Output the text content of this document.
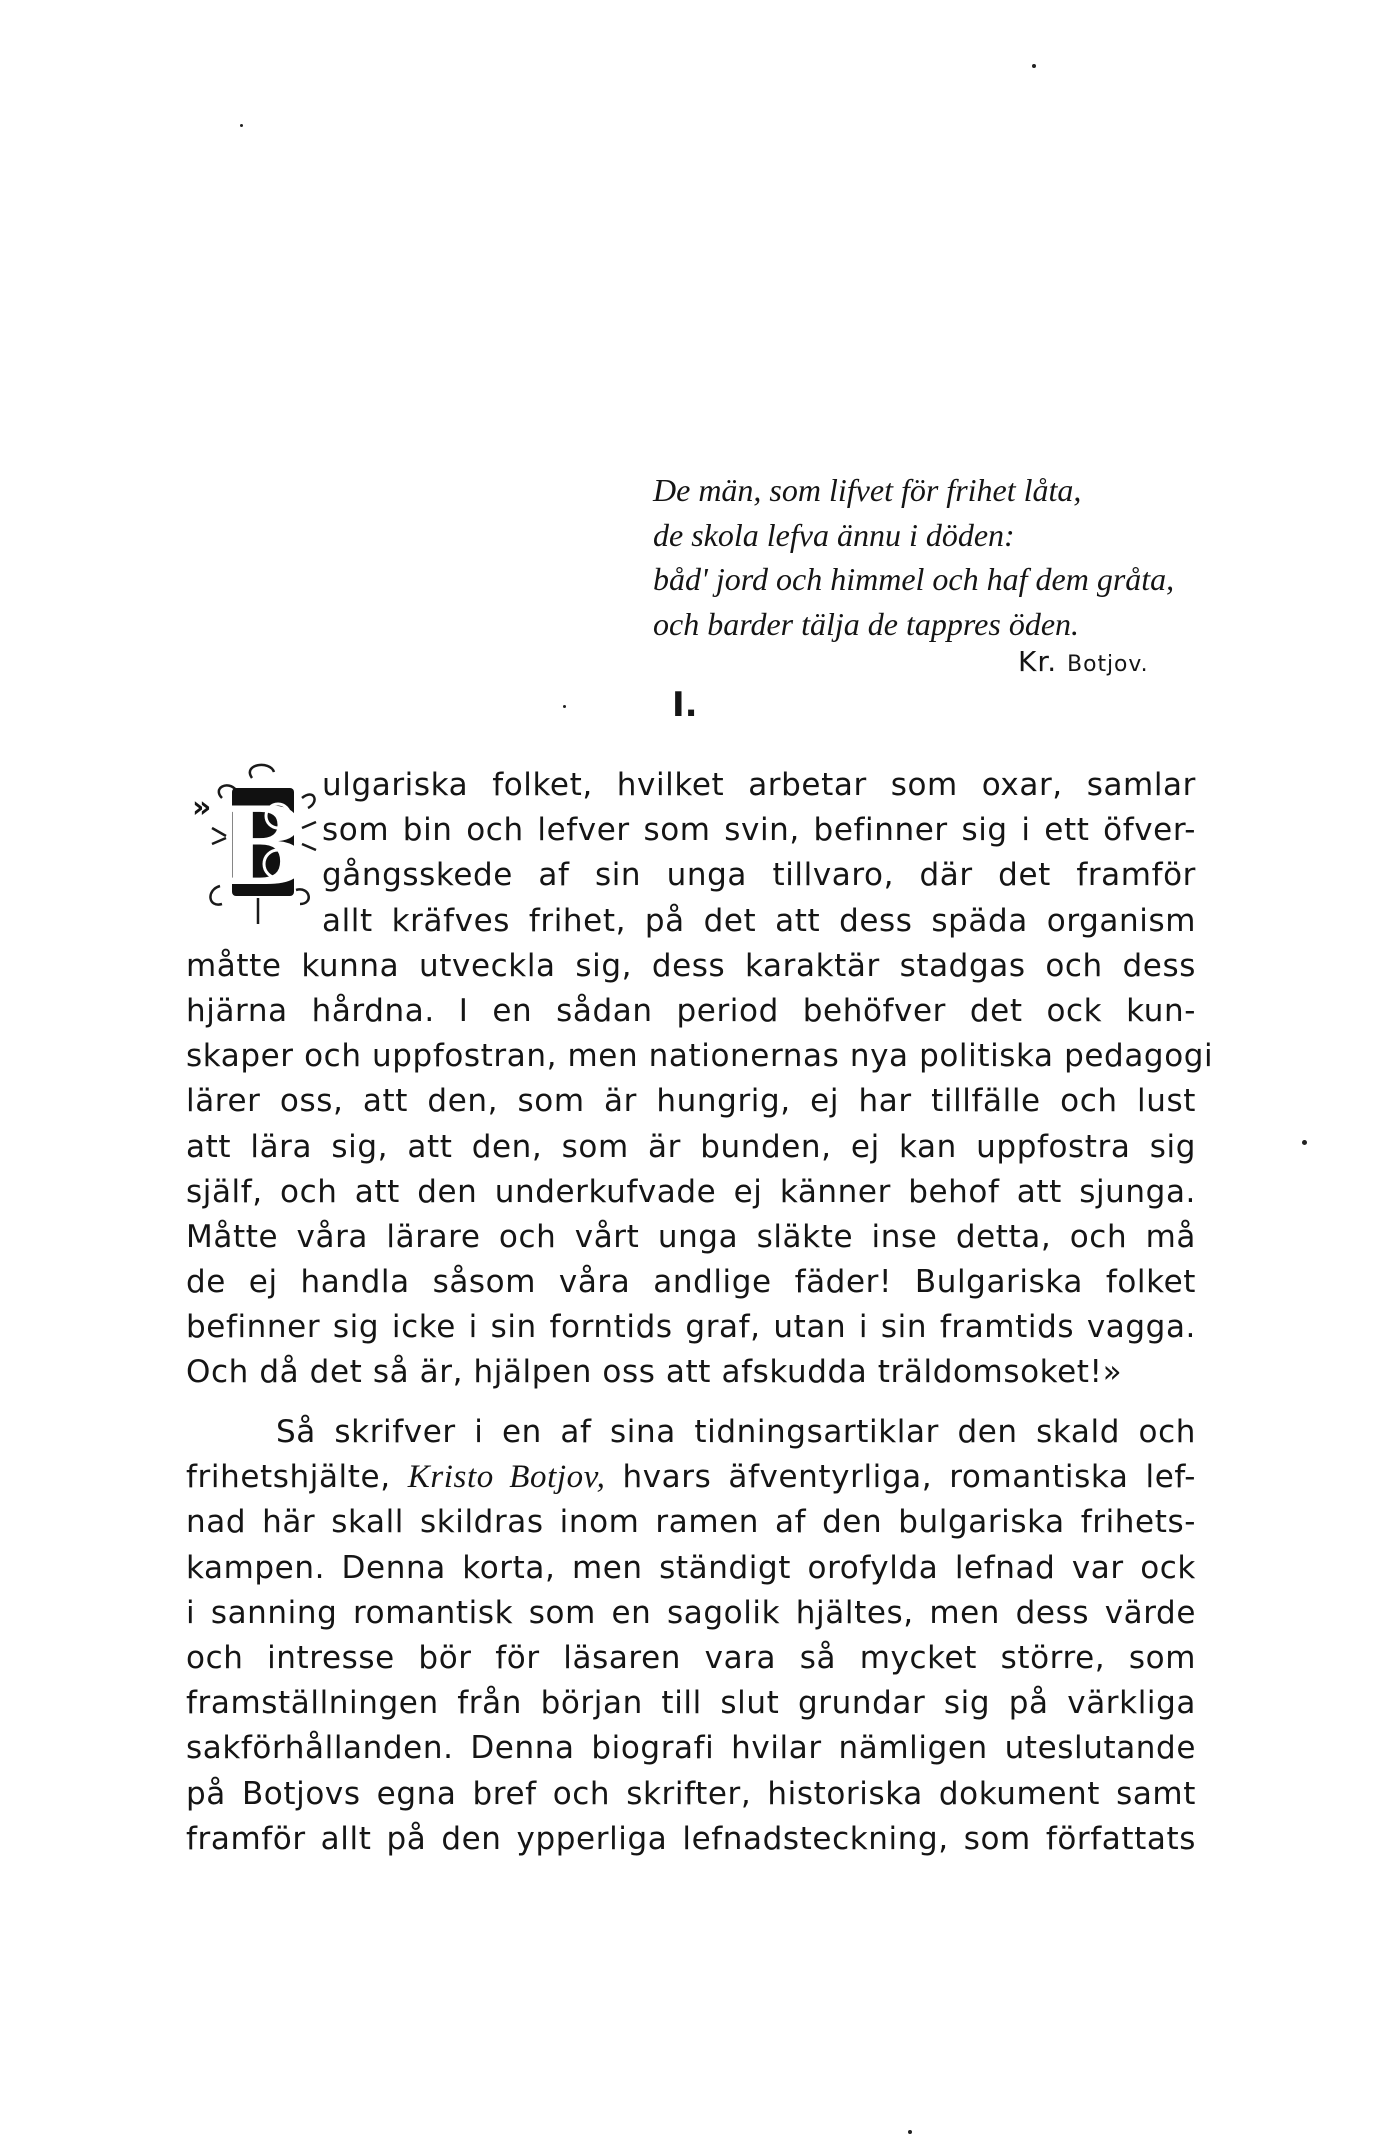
De män, som lifvet för frihet låta,
de skola lefva ännu i döden:
båd' jord och himmel och haf dem gråta,
och barder tälja de tappres öden.
Kr. Botjov.
I.
» B ulgariska folket, hvilket arbetar som oxar, samlar
som bin och lefver som svin, befinner sig i ett öfver-
gångsskede af sin unga tillvaro, där det framför
allt kräfves frihet, på det att dess späda organism
måtte kunna utveckla sig, dess karaktär stadgas och dess
hjärna hårdna. I en sådan period behöfver det ock kun-
skaper och uppfostran, men nationernas nya politiska pedagogi
lärer oss, att den, som är hungrig, ej har tillfälle och lust
att lära sig, att den, som är bunden, ej kan uppfostra sig
själf, och att den underkufvade ej känner behof att sjunga.
Måtte våra lärare och vårt unga släkte inse detta, och må
de ej handla såsom våra andlige fäder! Bulgariska folket
befinner sig icke i sin forntids graf, utan i sin framtids vagga.
Och då det så är, hjälpen oss att afskudda träldomsoket!»
Så skrifver i en af sina tidningsartiklar den skald och
frihetshjälte, Kristo Botjov, hvars äfventyrliga, romantiska lef-
nad här skall skildras inom ramen af den bulgariska frihets-
kampen. Denna korta, men ständigt orofylda lefnad var ock
i sanning romantisk som en sagolik hjältes, men dess värde
och intresse bör för läsaren vara så mycket större, som
framställningen från början till slut grundar sig på värkliga
sakförhållanden. Denna biografi hvilar nämligen uteslutande
på Botjovs egna bref och skrifter, historiska dokument samt
framför allt på den ypperliga lefnadsteckning, som författats
